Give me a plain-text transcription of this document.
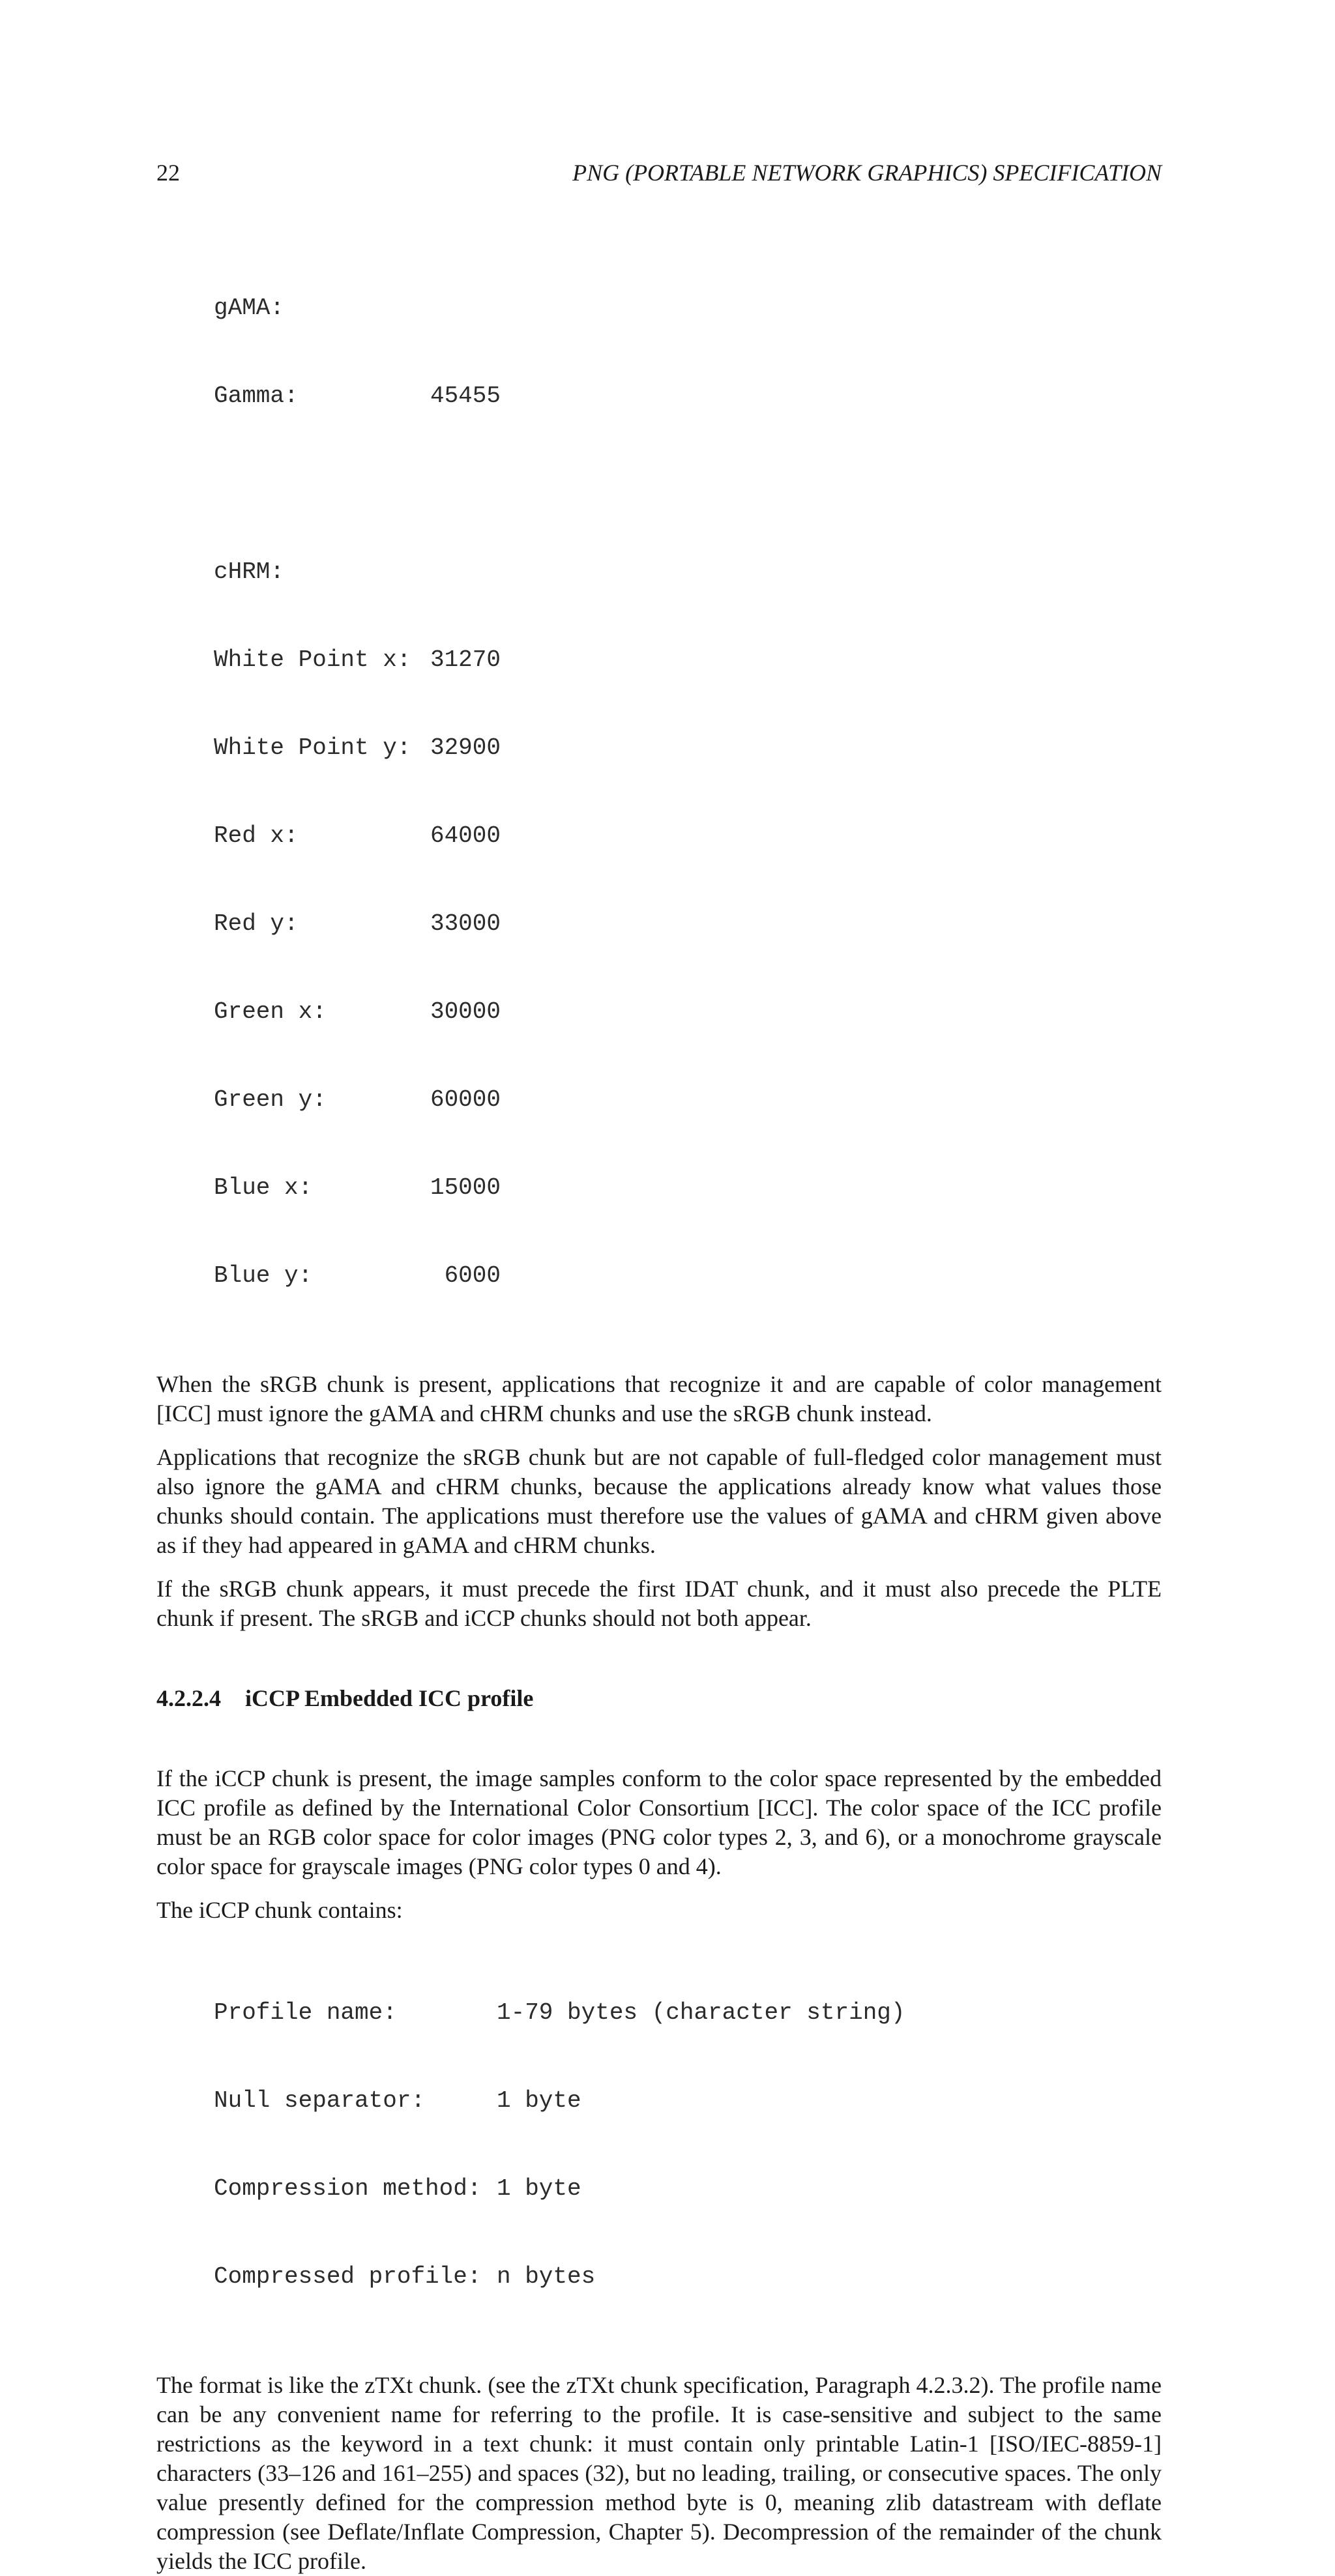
22	PNG (PORTABLE NETWORK GRAPHICS) SPECIFICATION

gAMA:

Gamma:	45455

cHRM:

White Point x: 31270

White Point y: 32900

Red x:	64000

Red y:	33000

Green x:	30000

Green y:	60000

Blue x:	15000

Blue y:	6000

When the sRGB chunk is present, applications that recognize it and are capable of color management [ICC] must ignore the gAMA and cHRM chunks and use the sRGB chunk instead.

Applications that recognize the sRGB chunk but are not capable of full-fledged color management must also ignore the gAMA and cHRM chunks, because the applications already know what values those chunks should contain. The applications must therefore use the values of gAMA and cHRM given above as if they had appeared in gAMA and cHRM chunks.

If the sRGB chunk appears, it must precede the first IDAT chunk, and it must also precede the PLTE chunk if present. The sRGB and iCCP chunks should not both appear.

4.2.2.4 iCCP Embedded ICC profile

If the iCCP chunk is present, the image samples conform to the color space represented by the embedded ICC profile as defined by the International Color Consortium [ICC]. The color space of the ICC profile must be an RGB color space for color images (PNG color types 2, 3, and 6), or a monochrome grayscale color space for grayscale images (PNG color types 0 and 4).

The iCCP chunk contains:

Profile name:	1-79 bytes (character string)

Null separator:	1 byte

Compression method: 1 byte

Compressed profile: n bytes

The format is like the zTXt chunk. (see the zTXt chunk specification, Paragraph 4.2.3.2). The profile name can be any convenient name for referring to the profile. It is case-sensitive and subject to the same restrictions as the keyword in a text chunk: it must contain only printable Latin-1 [ISO/IEC-8859-1] characters (33–126 and 161–255) and spaces (32), but no leading, trailing, or consecutive spaces. The only value presently defined for the compression method byte is 0, meaning zlib datastream with deflate compression (see Deflate/Inflate Compression, Chapter 5). Decompression of the remainder of the chunk yields the ICC profile.
